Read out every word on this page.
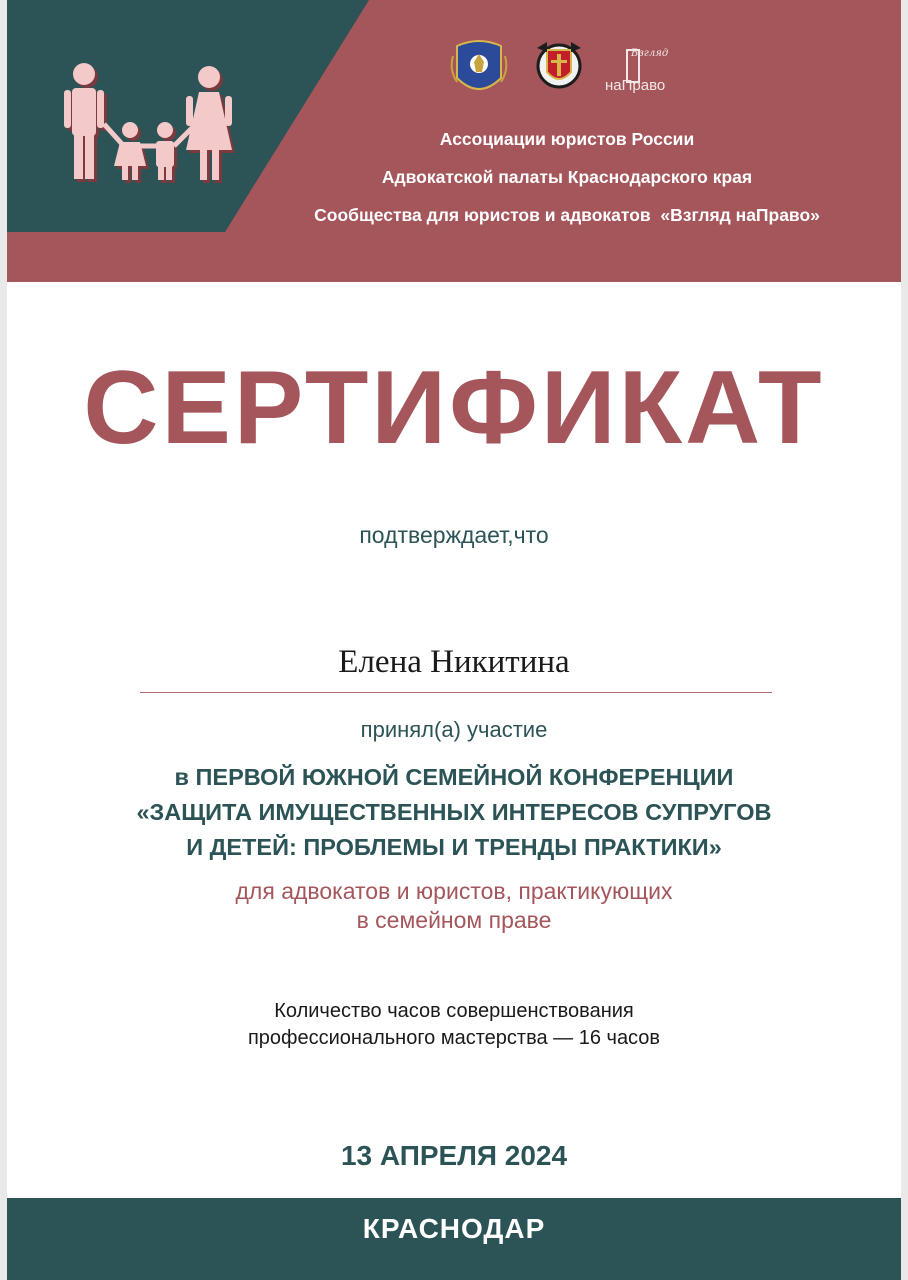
Взгляд
наПраво
Ассоциации юристов России
Адвокатской палаты Краснодарского края
Сообщества для юристов и адвокатов  «Взгляд наПраво»
СЕРТИФИКАТ
подтверждает,что
Елена Никитина
принял(а) участие
в ПЕРВОЙ ЮЖНОЙ СЕМЕЙНОЙ КОНФЕРЕНЦИИ
«ЗАЩИТА ИМУЩЕСТВЕННЫХ ИНТЕРЕСОВ СУПРУГОВ
И ДЕТЕЙ: ПРОБЛЕМЫ И ТРЕНДЫ ПРАКТИКИ»
для адвокатов и юристов, практикующих
в семейном праве
Количество часов совершенствования
профессионального мастерства — 16 часов
13 АПРЕЛЯ 2024
КРАСНОДАР
